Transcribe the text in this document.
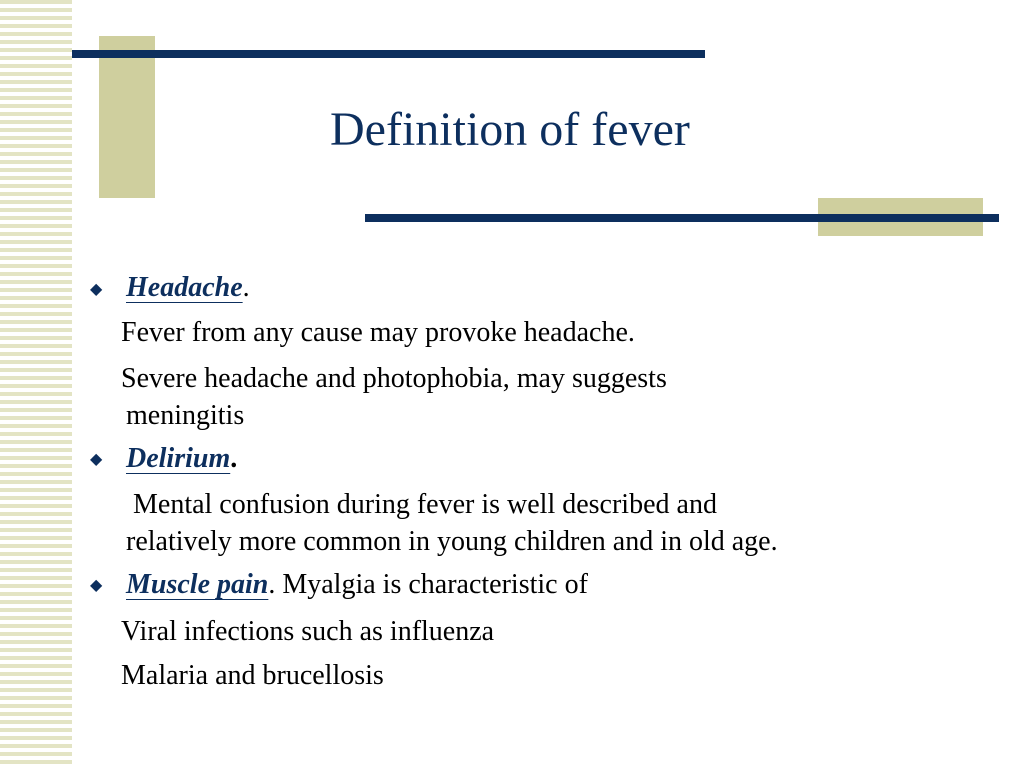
Definition of fever
◆ Headache.
Fever from any cause may provoke headache.
Severe headache and photophobia, may suggests
meningitis
◆ Delirium.
Mental confusion during fever is well described and
relatively more common in young children and in old age.
◆ Muscle pain. Myalgia is characteristic of
Viral infections such as influenza
Malaria and brucellosis
